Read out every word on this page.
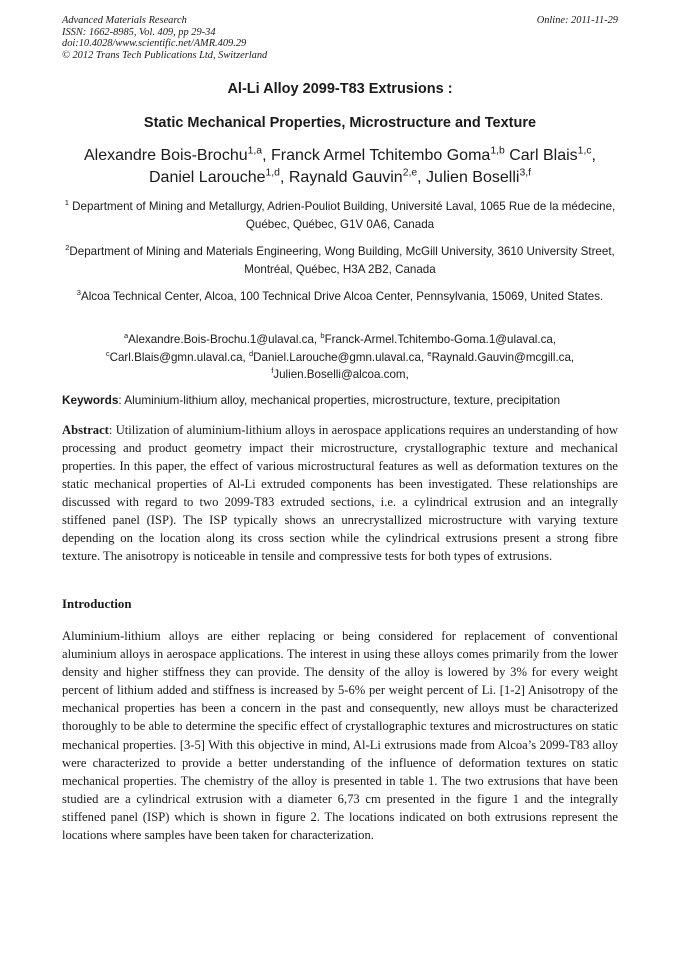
Advanced Materials Research
ISSN: 1662-8985, Vol. 409, pp 29-34
doi:10.4028/www.scientific.net/AMR.409.29
© 2012 Trans Tech Publications Ltd, Switzerland
Online: 2011-11-29
Al-Li Alloy 2099-T83 Extrusions :
Static Mechanical Properties, Microstructure and Texture
Alexandre Bois-Brochu$^{1,a}$, Franck Armel Tchitembo Goma$^{1,b}$ Carl Blais$^{1,c}$,
Daniel Larouche$^{1,d}$, Raynald Gauvin$^{2,e}$, Julien Boselli$^{3,f}$
$^1$ Department of Mining and Metallurgy, Adrien-Pouliot Building, Université Laval, 1065 Rue de la médecine, Québec, Québec, G1V 0A6, Canada
$^2$Department of Mining and Materials Engineering, Wong Building, McGill University, 3610 University Street, Montréal, Québec, H3A 2B2, Canada
$^3$Alcoa Technical Center, Alcoa, 100 Technical Drive Alcoa Center, Pennsylvania, 15069, United States.
$^a$Alexandre.Bois-Brochu.1@ulaval.ca, $^b$Franck-Armel.Tchitembo-Goma.1@ulaval.ca,
$^c$Carl.Blais@gmn.ulaval.ca, $^d$Daniel.Larouche@gmn.ulaval.ca, $^e$Raynald.Gauvin@mcgill.ca,
$^f$Julien.Boselli@alcoa.com,
Keywords: Aluminium-lithium alloy, mechanical properties, microstructure, texture, precipitation
Abstract: Utilization of aluminium-lithium alloys in aerospace applications requires an understanding of how processing and product geometry impact their microstructure, crystallographic texture and mechanical properties. In this paper, the effect of various microstructural features as well as deformation textures on the static mechanical properties of Al-Li extruded components has been investigated. These relationships are discussed with regard to two 2099-T83 extruded sections, i.e. a cylindrical extrusion and an integrally stiffened panel (ISP). The ISP typically shows an unrecrystallized microstructure with varying texture depending on the location along its cross section while the cylindrical extrusions present a strong fibre texture. The anisotropy is noticeable in tensile and compressive tests for both types of extrusions.
Introduction
Aluminium-lithium alloys are either replacing or being considered for replacement of conventional aluminium alloys in aerospace applications. The interest in using these alloys comes primarily from the lower density and higher stiffness they can provide. The density of the alloy is lowered by 3% for every weight percent of lithium added and stiffness is increased by 5-6% per weight percent of Li. [1-2] Anisotropy of the mechanical properties has been a concern in the past and consequently, new alloys must be characterized thoroughly to be able to determine the specific effect of crystallographic textures and microstructures on static mechanical properties. [3-5] With this objective in mind, Al-Li extrusions made from Alcoa’s 2099-T83 alloy were characterized to provide a better understanding of the influence of deformation textures on static mechanical properties. The chemistry of the alloy is presented in table 1. The two extrusions that have been studied are a cylindrical extrusion with a diameter 6,73 cm presented in the figure 1 and the integrally stiffened panel (ISP) which is shown in figure 2. The locations indicated on both extrusions represent the locations where samples have been taken for characterization.
